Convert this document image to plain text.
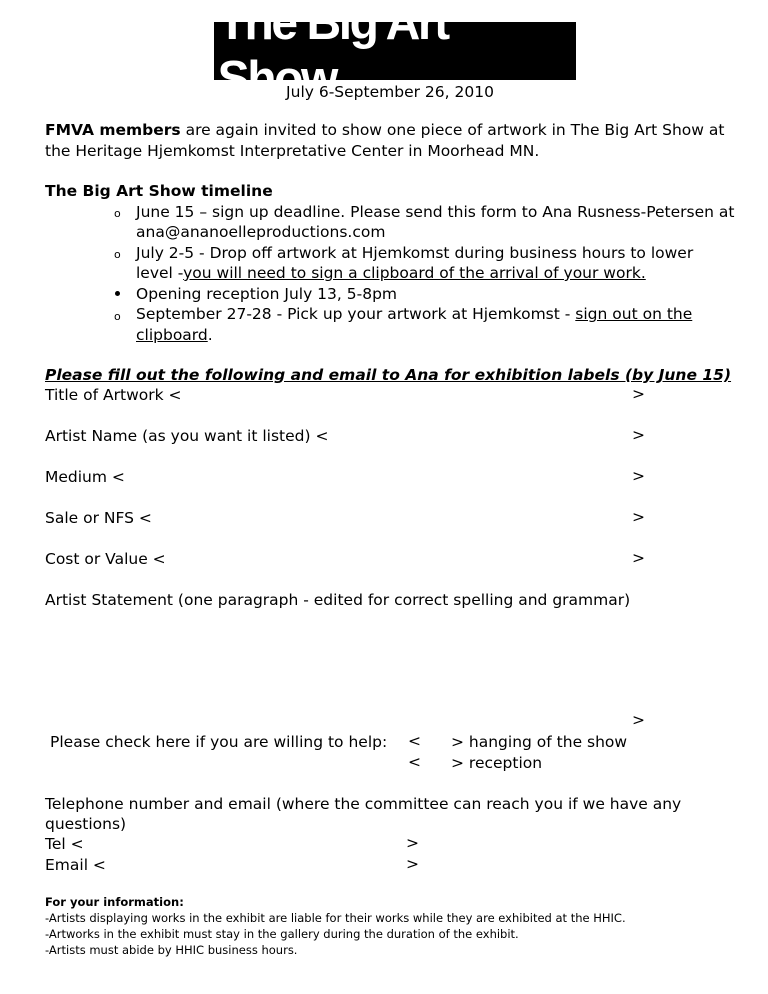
The Big Art Show
July 6-September 26, 2010
FMVA members are again invited to show one piece of artwork in The Big Art Show at
the Heritage Hjemkomst Interpretative Center in Moorhead MN.
The Big Art Show timeline
o June 15 – sign up deadline. Please send this form to Ana Rusness-Petersen at
ana@ananoelleproductions.com
o July 2-5 - Drop off artwork at Hjemkomst during business hours to lower
level -you will need to sign a clipboard of the arrival of your work.
Opening reception July 13, 5-8pm
o September 27-28 - Pick up your artwork at Hjemkomst - sign out on the
clipboard.
Please fill out the following and email to Ana for exhibition labels (by June 15)
Title of Artwork <	>
Artist Name (as you want it listed) <	>
Medium <	>
Sale or NFS <	>
Cost or Value <	>
Artist Statement (one paragraph - edited for correct spelling and grammar)
>
Please check here if you are willing to help: < > hanging of the show
< > reception
Telephone number and email (where the committee can reach you if we have any
questions)
Tel <	>
Email <	>
For your information:
-Artists displaying works in the exhibit are liable for their works while they are exhibited at the HHIC.
-Artworks in the exhibit must stay in the gallery during the duration of the exhibit.
-Artists must abide by HHIC business hours.
